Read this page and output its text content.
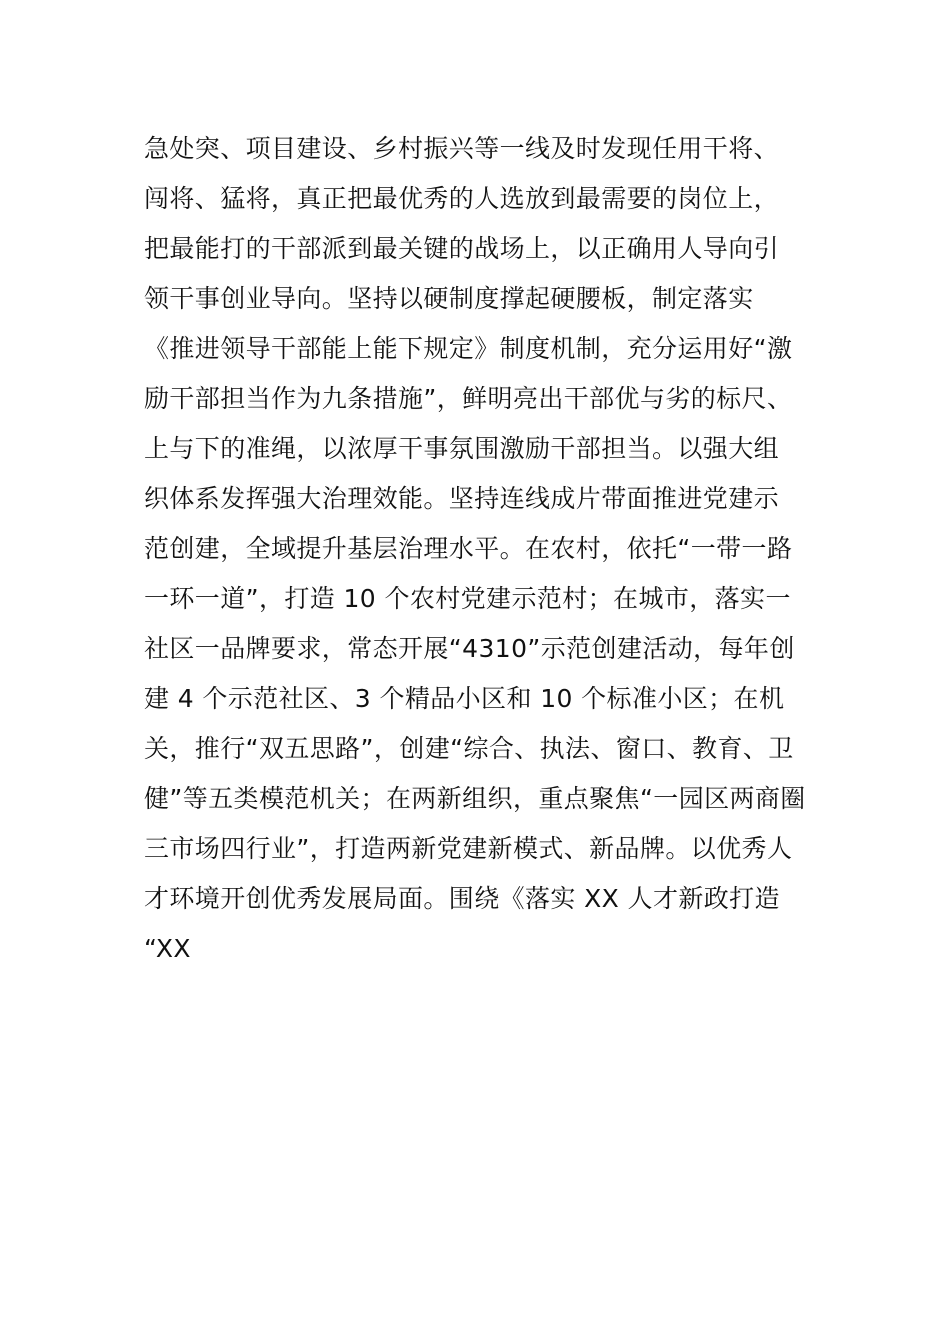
急处突、项目建设、乡村振兴等一线及时发现任用干将、
闯将、猛将，真正把最优秀的人选放到最需要的岗位上，
把最能打的干部派到最关键的战场上，以正确用人导向引
领干事创业导向。坚持以硬制度撑起硬腰板，制定落实
《推进领导干部能上能下规定》制度机制，充分运用好“激
励干部担当作为九条措施”，鲜明亮出干部优与劣的标尺、
上与下的准绳，以浓厚干事氛围激励干部担当。以强大组
织体系发挥强大治理效能。坚持连线成片带面推进党建示
范创建，全域提升基层治理水平。在农村，依托“一带一路
一环一道”，打造 10 个农村党建示范村；在城市，落实一
社区一品牌要求，常态开展“4310”示范创建活动，每年创
建 4 个示范社区、3 个精品小区和 10 个标准小区；在机
关，推行“双五思路”，创建“综合、执法、窗口、教育、卫
健”等五类模范机关；在两新组织，重点聚焦“一园区两商圈
三市场四行业”，打造两新党建新模式、新品牌。以优秀人
才环境开创优秀发展局面。围绕《落实 XX 人才新政打造
“XX
